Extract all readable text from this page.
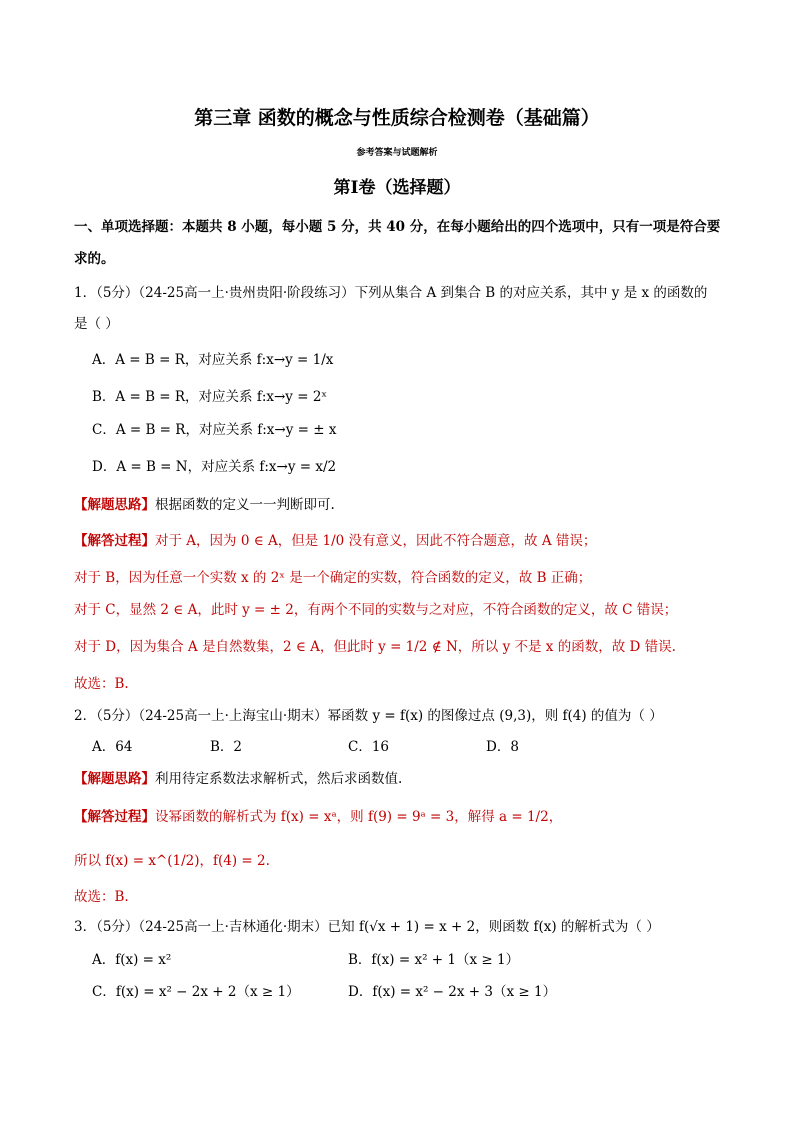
第三章 函数的概念与性质综合检测卷（基础篇）
参考答案与试题解析
第Ⅰ卷（选择题）
一、单项选择题：本题共 8 小题，每小题 5 分，共 40 分，在每小题给出的四个选项中，只有一项是符合要
求的。
1．（5分）（24-25高一上·贵州贵阳·阶段练习）下列从集合 A 到集合 B 的对应关系，其中 y 是 x 的函数的
是（ ）
A．A = B = R，对应关系 f:x→y = 1/x
B．A = B = R，对应关系 f:x→y = 2ˣ
C．A = B = R，对应关系 f:x→y = ± x
D．A = B = N，对应关系 f:x→y = x/2
【解题思路】根据函数的定义一一判断即可.
【解答过程】对于 A，因为 0 ∈ A，但是 1/0 没有意义，因此不符合题意，故 A 错误；
对于 B，因为任意一个实数 x 的 2ˣ 是一个确定的实数，符合函数的定义，故 B 正确；
对于 C，显然 2 ∈ A，此时 y = ± 2，有两个不同的实数与之对应，不符合函数的定义，故 C 错误；
对于 D，因为集合 A 是自然数集，2 ∈ A，但此时 y = 1/2 ∉ N，所以 y 不是 x 的函数，故 D 错误.
故选：B.
2．（5分）（24-25高一上·上海宝山·期末）幂函数 y = f(x) 的图像过点 (9,3)，则 f(4) 的值为（ ）
A．64	B．2	C．16	D．8
【解题思路】利用待定系数法求解析式，然后求函数值.
【解答过程】设幂函数的解析式为 f(x) = xᵃ，则 f(9) = 9ᵃ = 3，解得 a = 1/2，
所以 f(x) = x^(1/2)，f(4) = 2.
故选：B.
3．（5分）（24-25高一上·吉林通化·期末）已知 f(√x + 1) = x + 2，则函数 f(x) 的解析式为（ ）
A．f(x) = x²	B．f(x) = x² + 1（x ≥ 1）
C．f(x) = x² − 2x + 2（x ≥ 1）	D．f(x) = x² − 2x + 3（x ≥ 1）
